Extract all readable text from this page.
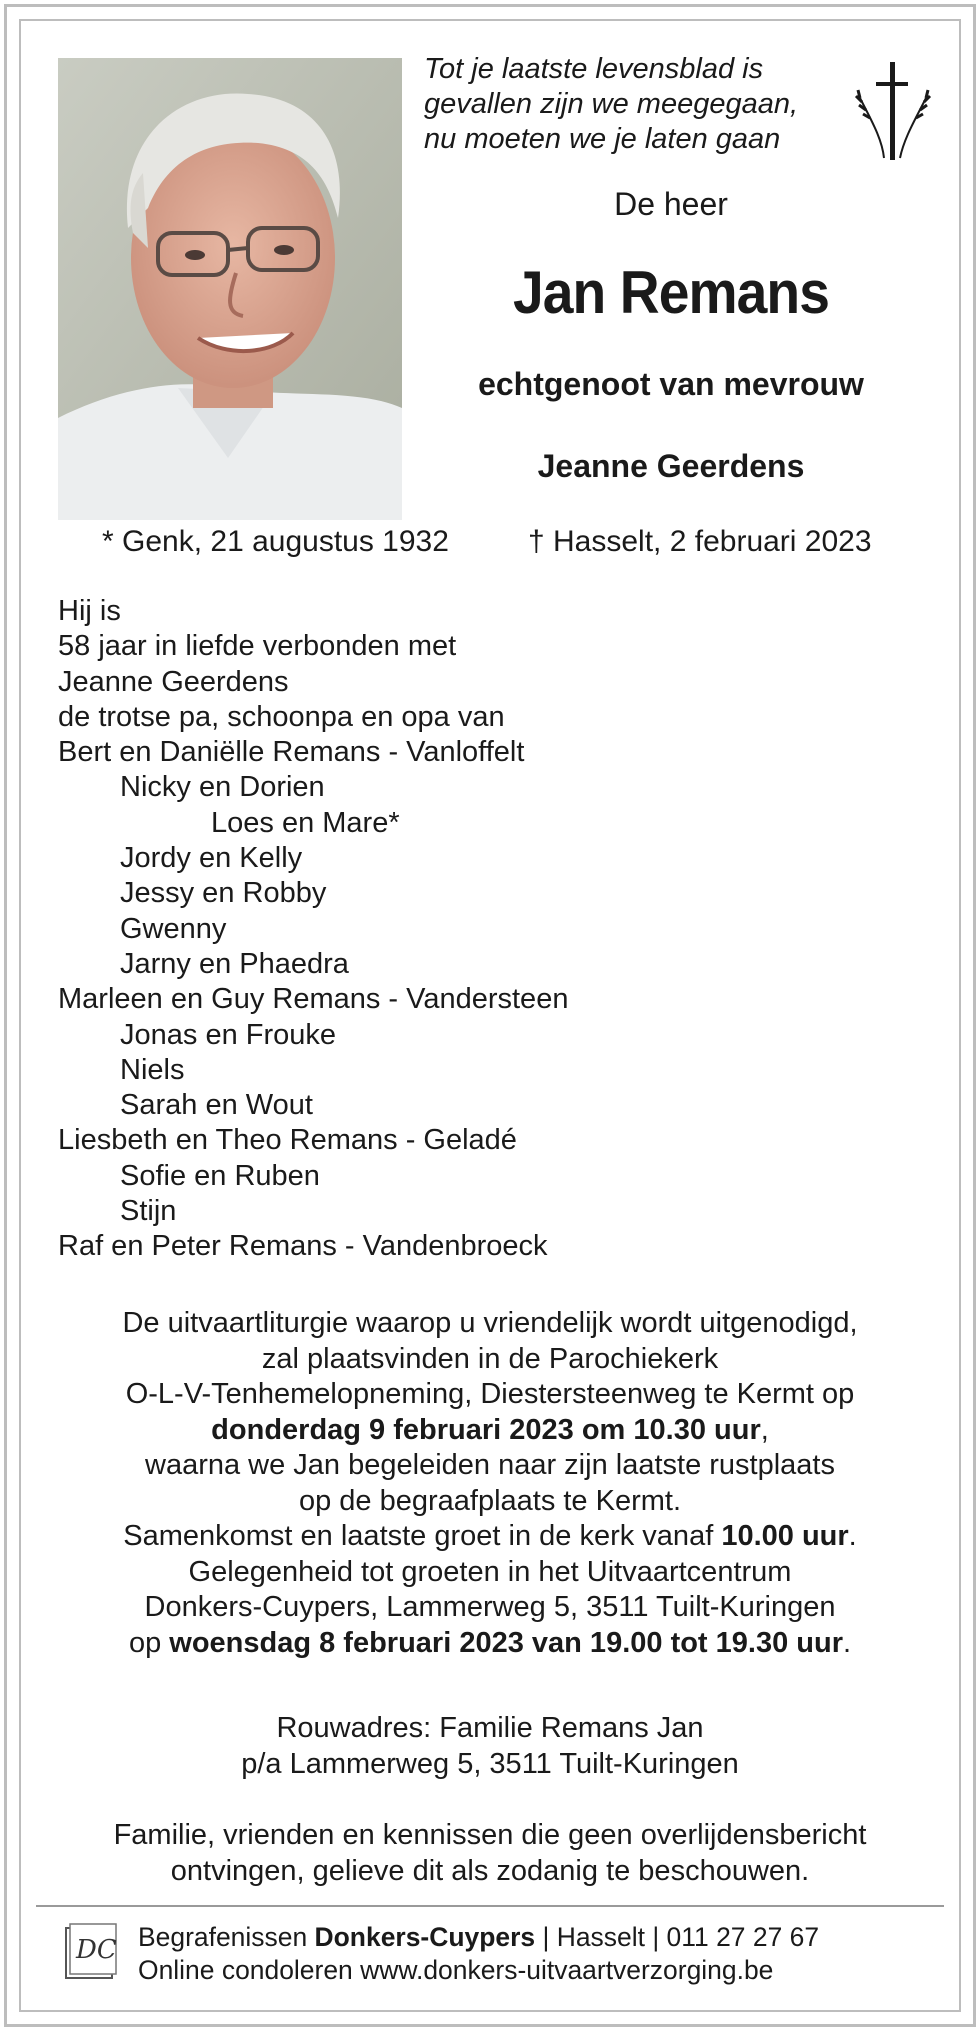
Tot je laatste levensblad is
gevallen zijn we meegegaan,
nu moeten we je laten gaan
De heer
Jan Remans
echtgenoot van mevrouw
Jeanne Geerdens
* Genk, 21 augustus 1932	† Hasselt, 2 februari 2023
Hij is
58 jaar in liefde verbonden met
Jeanne Geerdens
de trotse pa, schoonpa en opa van
Bert en Daniëlle Remans - Vanloffelt
Nicky en Dorien
Loes en Mare*
Jordy en Kelly
Jessy en Robby
Gwenny
Jarny en Phaedra
Marleen en Guy Remans - Vandersteen
Jonas en Frouke
Niels
Sarah en Wout
Liesbeth en Theo Remans - Geladé
Sofie en Ruben
Stijn
Raf en Peter Remans - Vandenbroeck
De uitvaartliturgie waarop u vriendelijk wordt uitgenodigd,
zal plaatsvinden in de Parochiekerk
O-L-V-Tenhemelopneming, Diestersteenweg te Kermt op
donderdag 9 februari 2023 om 10.30 uur,
waarna we Jan begeleiden naar zijn laatste rustplaats
op de begraafplaats te Kermt.
Samenkomst en laatste groet in de kerk vanaf 10.00 uur.
Gelegenheid tot groeten in het Uitvaartcentrum
Donkers-Cuypers, Lammerweg 5, 3511 Tuilt-Kuringen
op woensdag 8 februari 2023 van 19.00 tot 19.30 uur.
Rouwadres: Familie Remans Jan
p/a Lammerweg 5, 3511 Tuilt-Kuringen
Familie, vrienden en kennissen die geen overlijdensbericht
ontvingen, gelieve dit als zodanig te beschouwen.
DC Begrafenissen Donkers-Cuypers | Hasselt | 011 27 27 67
Online condoleren www.donkers-uitvaartverzorging.be
